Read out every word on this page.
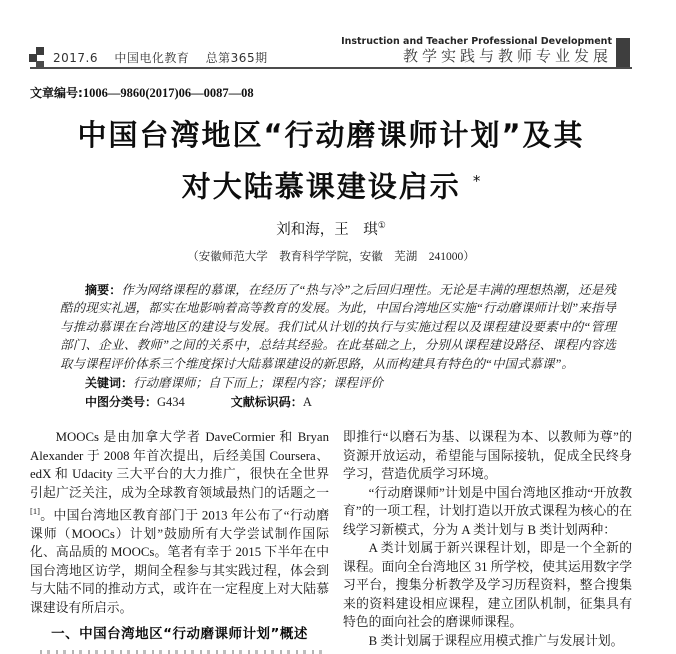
2017.6 中国电化教育 总第365期
Instruction and Teacher Professional Development
教学实践与教师专业发展
文章编号:1006—9860(2017)06—0087—08
中国台湾地区“行动磨课师计划”及其
对大陆慕课建设启示 *
刘和海，王　琪①
（安徽师范大学　教育科学学院，安徽　芜湖　241000）

摘要：作为网络课程的慕课，在经历了“热与冷”之后回归理性。无论是丰满的理想热潮，还是残酷的现实礼遇，都实在地影响着高等教育的发展。为此，中国台湾地区实施“行动磨课师计划”来指导与推动慕课在台湾地区的建设与发展。我们试从计划的执行与实施过程以及课程建设要素中的“管理部门、企业、教师”之间的关系中，总结其经验。在此基础之上，分别从课程建设路径、课程内容选取与课程评价体系三个维度探讨大陆慕课建设的新思路，从而构建具有特色的“中国式慕课”。

关键词：行动磨课师；自下而上；课程内容；课程评价

中图分类号：G434	文献标识码：A

MOOCs 是由加拿大学者 DaveCormier 和 Bryan Alexander 于 2008 年首次提出，后经美国 Coursera、edX 和 Udacity 三大平台的大力推广，很快在全世界引起广泛关注，成为全球教育领域最热门的话题之一[1]。中国台湾地区教育部门于 2013 年公布了“行动磨课师（MOOCs）计划”鼓励所有大学尝试制作国际化、高品质的 MOOCs。笔者有幸于 2015 下半年在中国台湾地区访学，期间全程参与其实践过程，体会到与大陆不同的推动方式，或许在一定程度上对大陆慕课建设有所启示。

一、中国台湾地区“行动磨课师计划”概述

即推行“以磨石为基、以课程为本、以教师为尊”的资源开放运动，希望能与国际接轨，促成全民终身学习，营造优质学习环境。

“行动磨课师”计划是中国台湾地区推动“开放教育”的一项工程，计划打造以开放式课程为核心的在线学习新模式，分为 A 类计划与 B 类计划两种：

A 类计划属于新兴课程计划，即是一个全新的课程。面向全台湾地区 31 所学校，使其运用数字学习平台，搜集分析教学及学习历程资料，整合搜集来的资料建设相应课程，建立团队机制，征集具有特色的面向社会的磨课师课程。

B 类计划属于课程应用模式推广与发展计划。
